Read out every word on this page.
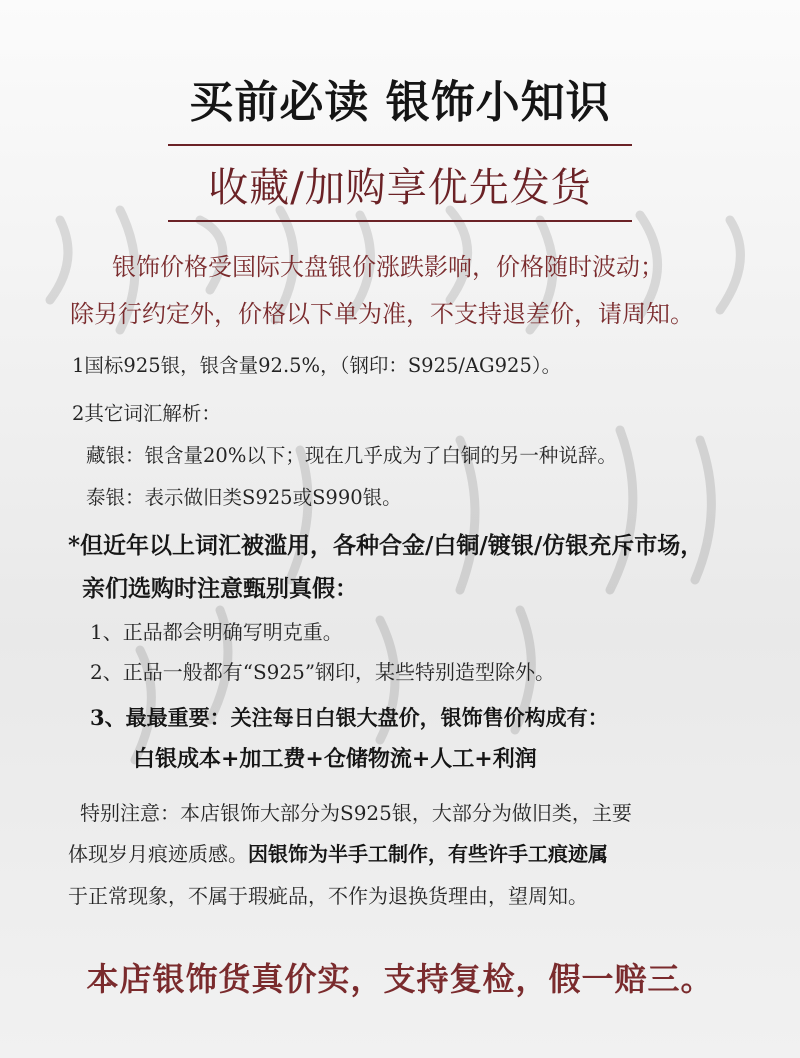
买前必读 银饰小知识
收藏/加购享优先发货
银饰价格受国际大盘银价涨跌影响，价格随时波动；
除另行约定外，价格以下单为准，不支持退差价，请周知。
1国标925银，银含量92.5%，（钢印：S925/AG925）。
2其它词汇解析：
藏银：银含量20%以下；现在几乎成为了白铜的另一种说辞。
泰银：表示做旧类S925或S990银。
*但近年以上词汇被滥用，各种合金/白铜/镀银/仿银充斥市场，
亲们选购时注意甄别真假：
1、正品都会明确写明克重。
2、正品一般都有“S925”钢印，某些特别造型除外。
3、最最重要：关注每日白银大盘价，银饰售价构成有：
白银成本+加工费+仓储物流+人工+利润
特别注意：本店银饰大部分为S925银，大部分为做旧类，主要
体现岁月痕迹质感。因银饰为半手工制作，有些许手工痕迹属
于正常现象，不属于瑕疵品，不作为退换货理由，望周知。
本店银饰货真价实，支持复检，假一赔三。
